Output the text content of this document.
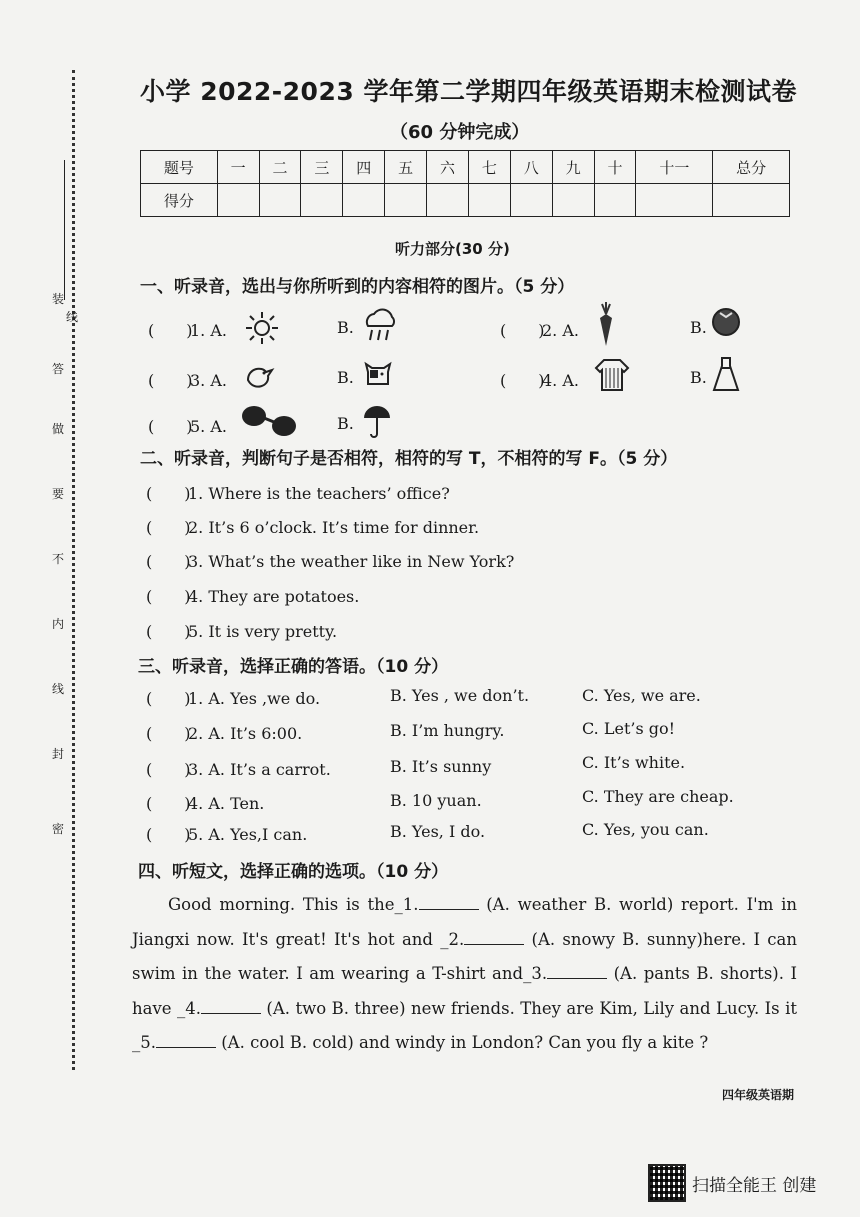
装
线
答
做
要
不
内
线
封
密
小学 2022-2023 学年第二学期四年级英语期末检测试卷
（60 分钟完成）
题号	一	二	三	四	五	六	七	八	九	十	十一	总分
得分												
听力部分(30 分)
一、听录音，选出与你所听到的内容相符的图片。（5 分）
(　　)1. A.	B.	(　　)2. A.	B.
(　　)3. A.	B.	(　　)4. A.	B.
(　　)5. A.	B.
二、听录音，判断句子是否相符，相符的写 T，不相符的写 F。（5 分）
(　　)1. Where is the teachers’ office?
(　　)2. It’s 6 o’clock. It’s time for dinner.
(　　)3. What’s the weather like in New York?
(　　)4. They are potatoes.
(　　)5. It is very pretty.
三、听录音，选择正确的答语。（10 分）
(　　)1. A. Yes ,we do.	B. Yes , we don’t.	C. Yes, we are.
(　　)2. A. It’s 6:00.	B. I’m hungry.	C. Let’s go!
(　　)3. A. It’s a carrot.	B. It’s sunny	C. It’s white.
(　　)4. A. Ten.	B. 10 yuan.	C. They are cheap.
(　　)5. A. Yes,I can.	B. Yes, I do.	C. Yes, you can.
四、听短文，选择正确的选项。（10 分）
Good morning. This is the_1.	(A. weather B. world) report. I'm in Jiangxi now. It's great! It's hot and _2.	(A. snowy B. sunny)here. I can swim in the water. I am wearing a T-shirt and_3.	(A. pants B. shorts). I have _4.	(A. two B. three) new friends. They are Kim, Lily and Lucy. Is it _5.	(A. cool B. cold) and windy in London? Can you fly a kite ?
四年级英语期
扫描全能王 创建
